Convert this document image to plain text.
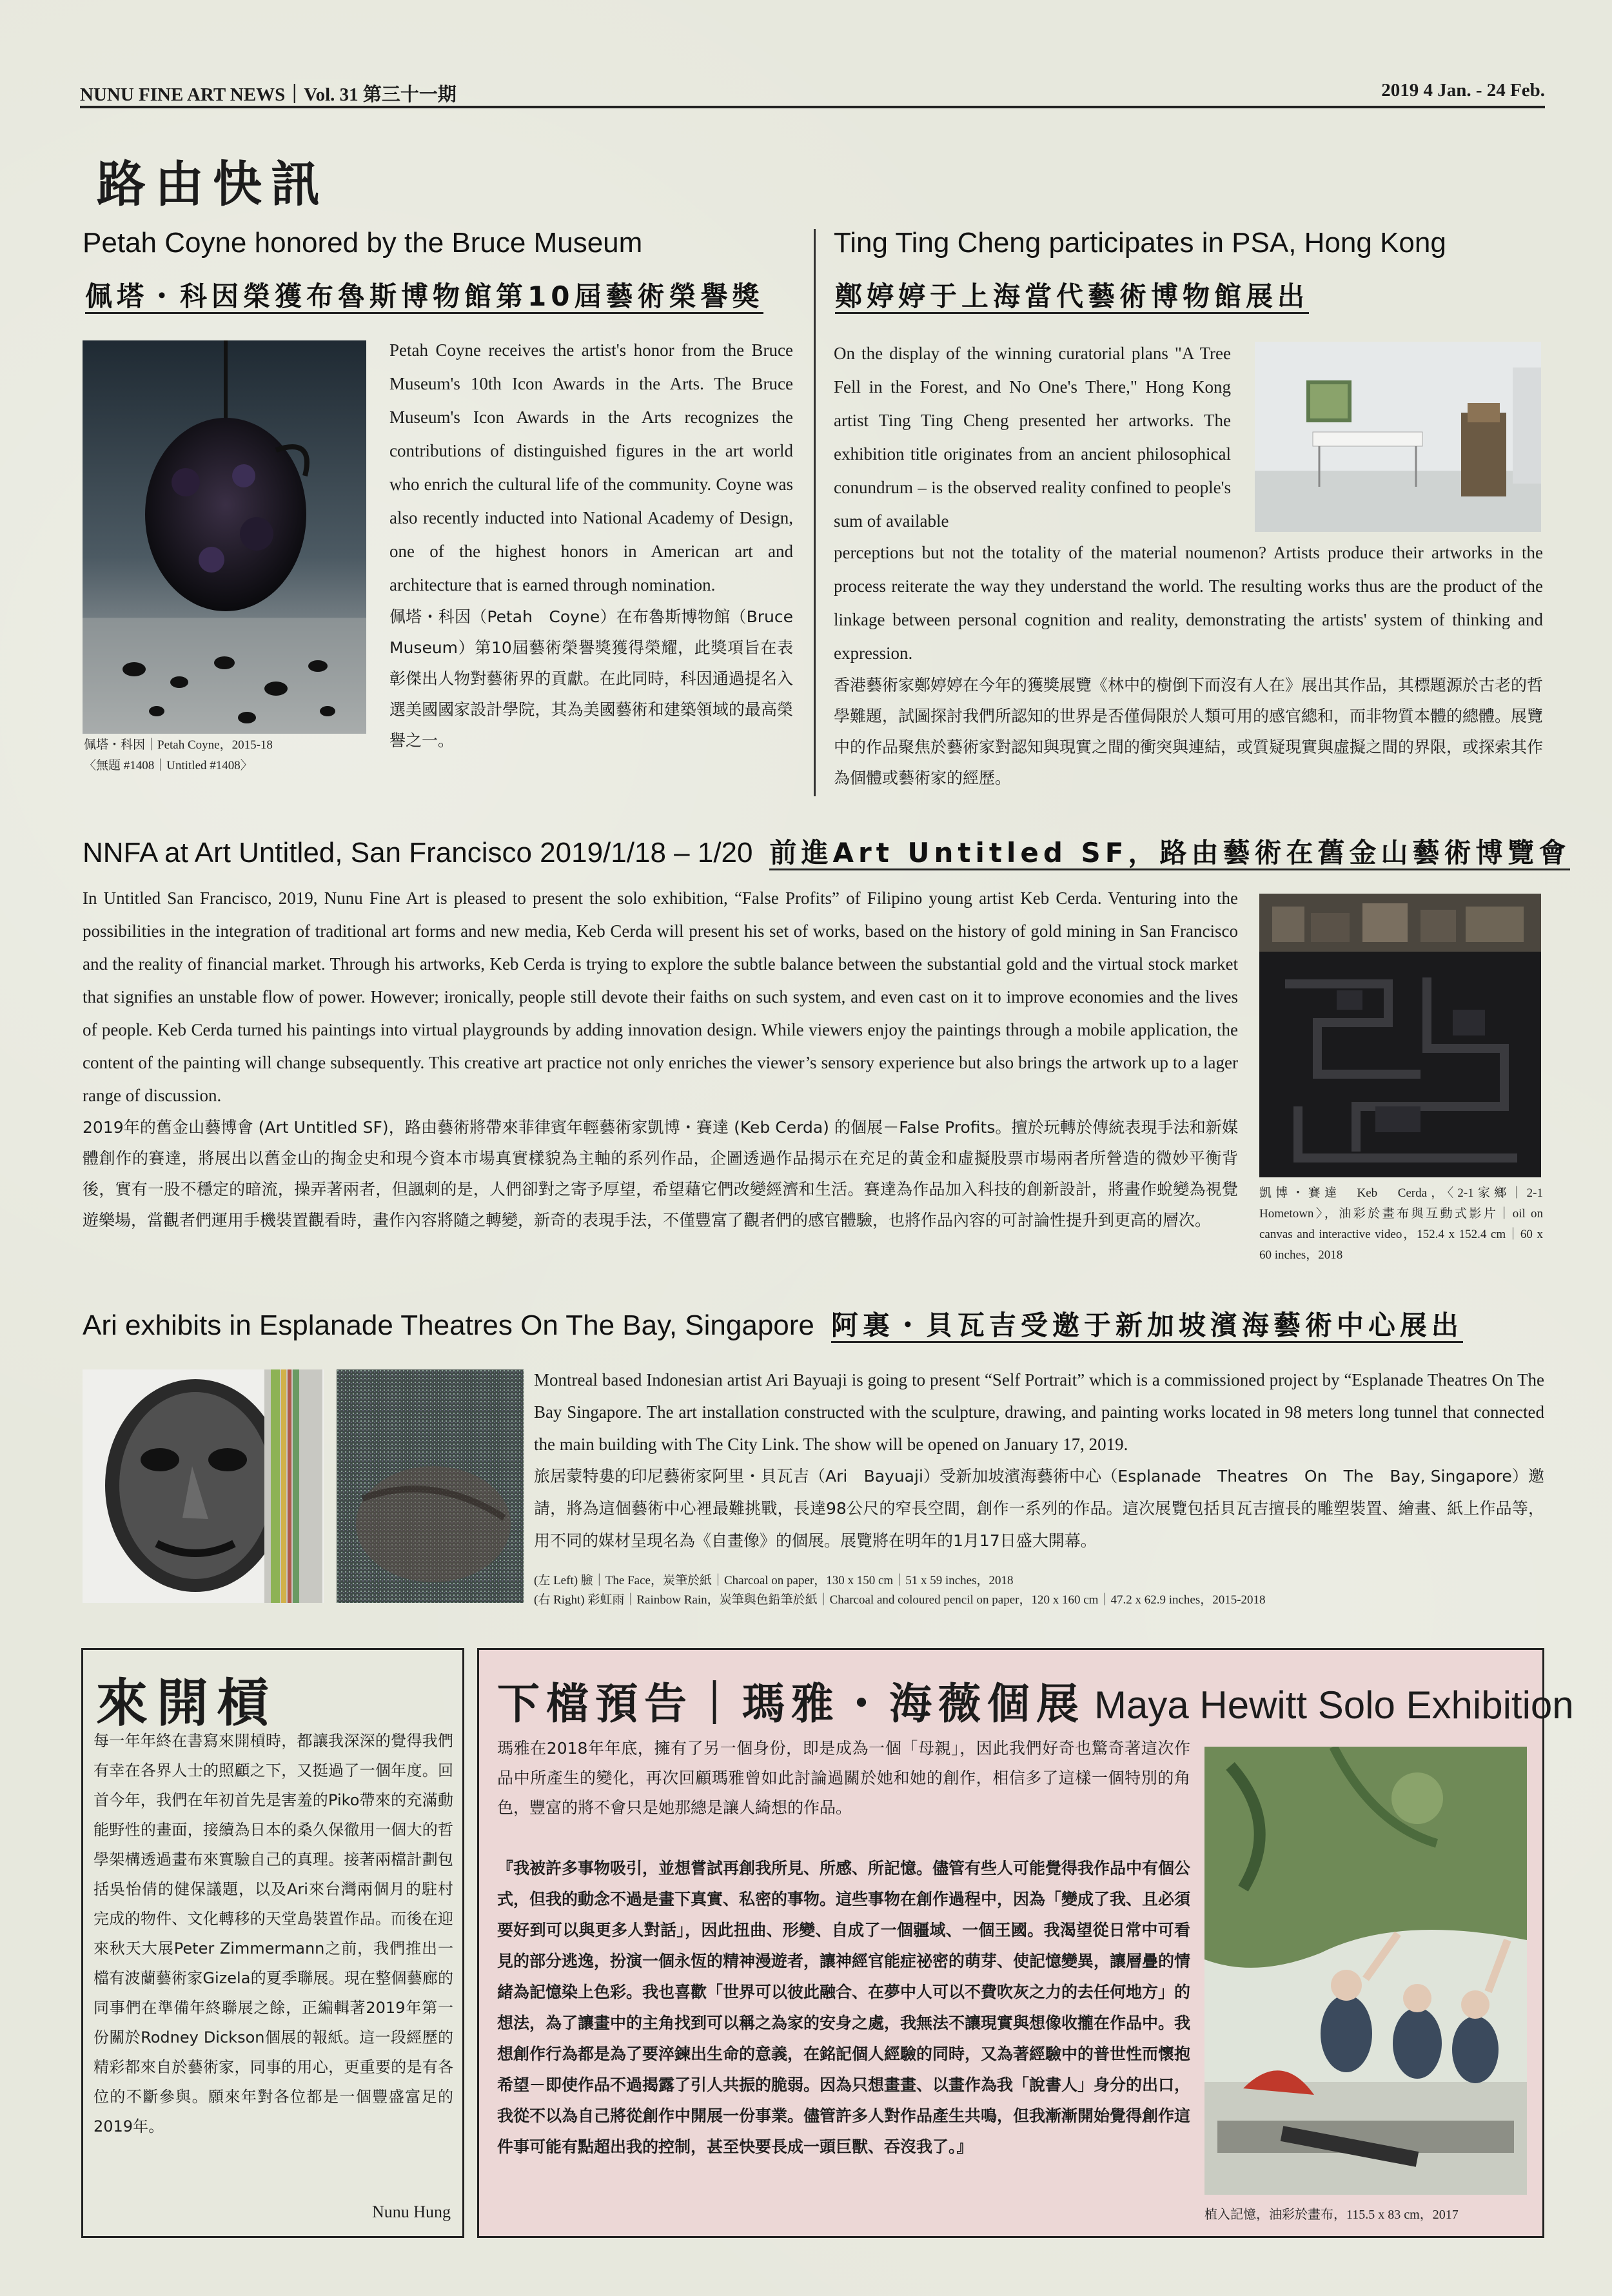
NUNU FINE ART NEWS｜Vol. 31 第三十一期	2019 4 Jan. - 24 Feb.
路由快訊
Petah Coyne honored by the Bruce Museum
佩塔・科因榮獲布魯斯博物館第10屆藝術榮譽獎
佩塔・科因｜Petah Coyne，2015-18
〈無題 #1408｜Untitled #1408〉
Petah Coyne receives the artist's honor from the Bruce Museum's 10th Icon Awards in the Arts. The Bruce Museum's Icon Awards in the Arts recognizes the contributions of distinguished figures in the art world who enrich the cultural life of the community. Coyne was also recently inducted into National Academy of Design, one of the highest honors in American art and architecture that is earned through nomination.
佩塔・科因（Petah　Coyne）在布魯斯博物館（Bruce　Museum）第10屆藝術榮譽獎獲得榮耀，此獎項旨在表彰傑出人物對藝術界的貢獻。在此同時，科因通過提名入選美國國家設計學院，其為美國藝術和建築領域的最高榮譽之一。
Ting Ting Cheng participates in PSA, Hong Kong
鄭婷婷于上海當代藝術博物館展出
On the display of the winning curatorial plans "A Tree Fell in the Forest, and No One's There," Hong Kong artist Ting Ting Cheng presented her artworks. The exhibition title originates from an ancient philosophical conundrum – is the observed reality confined to people's sum of available
perceptions but not the totality of the material noumenon? Artists produce their artworks in the process reiterate the way they understand the world. The resulting works thus are the product of the linkage between personal cognition and reality, demonstrating the artists' system of thinking and expression.
香港藝術家鄭婷婷在今年的獲獎展覽《林中的樹倒下而沒有人在》展出其作品，其標題源於古老的哲學難題，試圖探討我們所認知的世界是否僅侷限於人類可用的感官總和，而非物質本體的總體。展覽中的作品聚焦於藝術家對認知與現實之間的衝突與連結，或質疑現實與虛擬之間的界限，或探索其作為個體或藝術家的經歷。
NNFA at Art Untitled, San Francisco 2019/1/18 – 1/20 前進Art Untitled SF，路由藝術在舊金山藝術博覽會
In Untitled San Francisco, 2019, Nunu Fine Art is pleased to present the solo exhibition, “False Profits” of Filipino young artist Keb Cerda. Venturing into the possibilities in the integration of traditional art forms and new media, Keb Cerda will present his set of works, based on the history of gold mining in San Francisco and the reality of financial market. Through his artworks, Keb Cerda is trying to explore the subtle balance between the substantial gold and the virtual stock market that signifies an unstable flow of power. However; ironically, people still devote their faiths on such system, and even cast on it to improve economies and the lives of people. Keb Cerda turned his paintings into virtual playgrounds by adding innovation design. While viewers enjoy the paintings through a mobile application, the content of the painting will change subsequently. This creative art practice not only enriches the viewer’s sensory experience but also brings the artwork up to a lager range of discussion.
2019年的舊金山藝博會 (Art Untitled SF)，路由藝術將帶來菲律賓年輕藝術家凱博・賽達 (Keb Cerda) 的個展－False Profits。擅於玩轉於傳統表現手法和新媒體創作的賽達，將展出以舊金山的掏金史和現今資本市場真實樣貌為主軸的系列作品，企圖透過作品揭示在充足的黃金和虛擬股票市場兩者所營造的微妙平衡背後，實有一股不穩定的暗流，操弄著兩者，但諷刺的是，人們卻對之寄予厚望，希望藉它們改變經濟和生活。賽達為作品加入科技的創新設計，將畫作蛻變為視覺遊樂場，當觀者們運用手機裝置觀看時，畫作內容將隨之轉變，新奇的表現手法，不僅豐富了觀者們的感官體驗，也將作品內容的可討論性提升到更高的層次。
凱博・賽達　Keb　Cerda，〈2-1家鄉｜2-1 Hometown〉，油彩於畫布與互動式影片｜oil on canvas and interactive video，152.4 x 152.4 cm｜60 x 60 inches，2018
Ari exhibits in Esplanade Theatres On The Bay, Singapore 阿裏・貝瓦吉受邀于新加坡濱海藝術中心展出
Montreal based Indonesian artist Ari Bayuaji is going to present “Self Portrait” which is a commissioned project by “Esplanade Theatres On The Bay Singapore. The art installation constructed with the sculpture, drawing, and painting works located in 98 meters long tunnel that connected the main building with The City Link. The show will be opened on January 17, 2019.
旅居蒙特婁的印尼藝術家阿里・貝瓦吉（Ari　Bayuaji）受新加坡濱海藝術中心（Esplanade　Theatres　On　The　Bay, Singapore）邀請，將為這個藝術中心裡最難挑戰，長達98公尺的窄長空間，創作一系列的作品。這次展覽包括貝瓦吉擅長的雕塑裝置、繪畫、紙上作品等，用不同的媒材呈現名為《自畫像》的個展。展覽將在明年的1月17日盛大開幕。
(左 Left) 臉｜The Face，炭筆於紙｜Charcoal on paper，130 x 150 cm｜51 x 59 inches，2018
(右 Right) 彩虹雨｜Rainbow Rain，炭筆與色鉛筆於紙｜Charcoal and coloured pencil on paper，120 x 160 cm｜47.2 x 62.9 inches，2015-2018
來開槓
每一年年終在書寫來開槓時，都讓我深深的覺得我們有幸在各界人士的照顧之下，又挺過了一個年度。回首今年，我們在年初首先是害羞的Piko帶來的充滿動能野性的畫面，接續為日本的桑久保徹用一個大的哲學架構透過畫布來實驗自己的真理。接著兩檔計劃包括吳怡倩的健保議題，以及Ari來台灣兩個月的駐村完成的物件、文化轉移的天堂島裝置作品。而後在迎來秋天大展Peter Zimmermann之前，我們推出一檔有波蘭藝術家Gizela的夏季聯展。現在整個藝廊的同事們在準備年終聯展之餘，正編輯著2019年第一份關於Rodney Dickson個展的報紙。這一段經歷的精彩都來自於藝術家，同事的用心，更重要的是有各位的不斷參與。願來年對各位都是一個豐盛富足的2019年。
Nunu Hung
下檔預告｜瑪雅・海薇個展 Maya Hewitt Solo Exhibition
瑪雅在2018年年底，擁有了另一個身份，即是成為一個「母親」，因此我們好奇也驚奇著這次作品中所產生的變化，再次回顧瑪雅曾如此討論過關於她和她的創作，相信多了這樣一個特別的角色，豐富的將不會只是她那總是讓人綺想的作品。
『我被許多事物吸引，並想嘗試再創我所見、所感、所記憶。儘管有些人可能覺得我作品中有個公式，但我的動念不過是畫下真實、私密的事物。這些事物在創作過程中，因為「變成了我、且必須要好到可以與更多人對話」，因此扭曲、形變、自成了一個疆域、一個王國。我渴望從日常中可看見的部分逃逸，扮演一個永恆的精神漫遊者，讓神經官能症祕密的萌芽、使記憶變異，讓層疊的情緒為記憶染上色彩。我也喜歡「世界可以彼此融合、在夢中人可以不費吹灰之力的去任何地方」的想法，為了讓畫中的主角找到可以稱之為家的安身之處，我無法不讓現實與想像收攏在作品中。我想創作行為都是為了要淬鍊出生命的意義，在銘記個人經驗的同時，又為著經驗中的普世性而懷抱希望－即使作品不過揭露了引人共振的脆弱。因為只想畫畫、以畫作為我「說書人」身分的出口，我從不以為自己將從創作中開展一份事業。儘管許多人對作品產生共鳴，但我漸漸開始覺得創作這件事可能有點超出我的控制，甚至快要長成一頭巨獸、吞沒我了。』
植入記憶，油彩於畫布，115.5 x 83 cm，2017
